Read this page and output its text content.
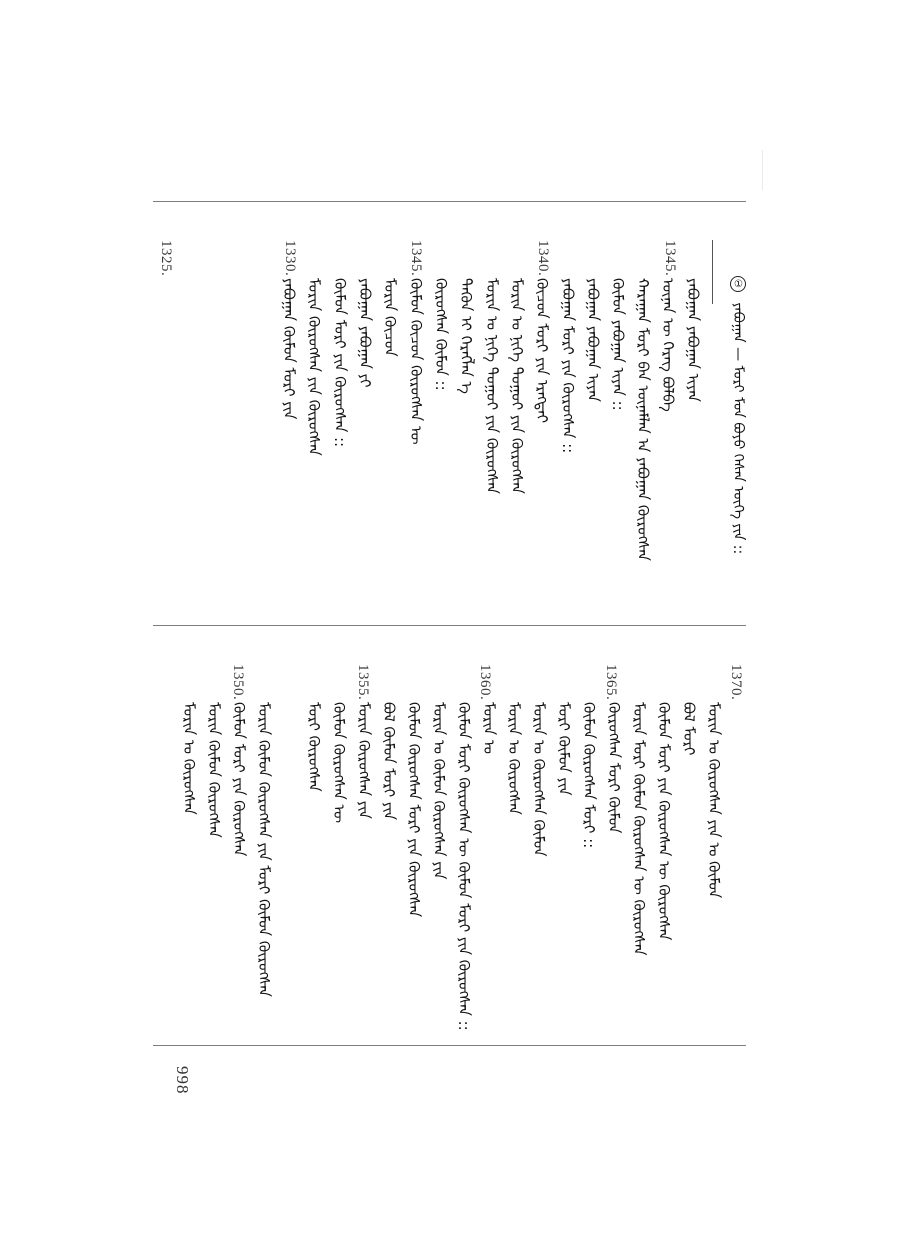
① ᠶᠠᠪᠤᠭᠠᠨ — ᠮᠣᠷᠢ ᠮᠣᠨ ᠪᠤᠶᠤ ᠭᠡᠰᠡᠨ ᠦᠭᠡ ᠶᠢᠨ ::
1345.
1340.
1345.
1330.
1325.
ᠶᠠᠪᠤᠭᠠᠨ ᠶᠠᠪᠤᠭᠠᠨ ᠢᠶᠠᠨ
ᠦᠨᠡᠨ ᠦ ᠬᠡᠷᠡᠭ ᠪᠣᠯᠪᠠ
ᠬᠠᠷᠠᠭᠠᠨ ᠮᠣᠷᠢ ᠪᠡᠨ ᠦᠨᠡᠮᠯᠡᠨ ᠠ ᠶᠠᠪᠤᠭᠠᠨ ᠬᠦᠷᠦᠭᠰᠡᠨ
ᠬᠦᠮᠦᠨ ᠶᠠᠪᠤᠭᠠᠨ ᠢᠶᠠᠨ ::
ᠶᠠᠪᠤᠭᠠᠨ ᠶᠠᠪᠤᠭᠠᠨ ᠢᠶᠠᠨ
ᠶᠠᠪᠤᠭᠠᠨ ᠮᠣᠷᠢ ᠶᠢᠨ ᠬᠦᠷᠦᠭᠰᠡᠨ ::
ᠬᠦᠴᠦᠨ ᠮᠣᠷᠢ ᠶᠢᠨ ᠡᠷᠡᠭᠲᠡᠢ
ᠮᠣᠷᠢᠨ ᠤ ᠨᠢᠭᠡ ᠳᠤᠭᠤᠢ ᠶᠢᠨ ᠬᠦᠷᠦᠭᠰᠡᠨ
ᠮᠣᠷᠢᠨ ᠤ ᠨᠢᠭᠡ ᠳᠤᠭᠤᠢ ᠶᠢᠨ ᠬᠦᠷᠦᠭᠰᠡᠨ
ᠲᠡᠭᠦᠨ ᠢ ᠬᠡᠷᠡᠭᠯᠡᠨ ᠡ
ᠬᠦᠷᠦᠭᠰᠡᠨ ᠬᠦᠮᠦᠨ ::
ᠬᠦᠮᠦᠨ ᠬᠦᠴᠦᠨ ᠬᠦᠷᠦᠭᠰᠡᠨ ᠦ
ᠮᠣᠷᠢᠨ ᠬᠦᠴᠦᠨ
ᠶᠠᠪᠤᠭᠠᠨ ᠶᠠᠪᠤᠭᠠᠨ ᠶᠢ
ᠬᠦᠮᠦᠨ ᠮᠣᠷᠢ ᠶᠢᠨ ᠬᠦᠷᠦᠭᠰᠡᠨ ::
ᠮᠣᠷᠢᠨ ᠬᠦᠷᠦᠭᠰᠡᠨ ᠶᠢᠨ ᠬᠦᠷᠦᠭᠰᠡᠨ
ᠶᠠᠪᠤᠭᠠᠨ ᠬᠦᠮᠦᠨ ᠮᠣᠷᠢ ᠶᠢᠨ
1370.
1365.
1360.
1355.
1350.
ᠮᠣᠷᠢᠨ ᠤ ᠬᠦᠷᠦᠭᠰᠡᠨ ᠶᠢᠨ ᠤ ᠬᠦᠮᠦᠨ
ᠪᠣᠯ ᠮᠣᠷᠢ
ᠬᠦᠮᠦᠨ ᠮᠣᠷᠢ ᠶᠢᠨ ᠬᠦᠷᠦᠭᠰᠡᠨ ᠦ ᠬᠦᠷᠦᠭᠰᠡᠨ
ᠮᠣᠷᠢᠨ ᠮᠣᠷᠢ ᠬᠦᠮᠦᠨ ᠬᠦᠷᠦᠭᠰᠡᠨ ᠦ ᠬᠦᠷᠦᠭᠰᠡᠨ
ᠬᠦᠷᠦᠭᠰᠡᠨ ᠮᠣᠷᠢ ᠬᠦᠮᠦᠨ
ᠬᠦᠮᠦᠨ ᠬᠦᠷᠦᠭᠰᠡᠨ ᠮᠣᠷᠢ ::
ᠮᠣᠷᠢ ᠬᠦᠮᠦᠨ ᠶᠢᠨ
ᠮᠣᠷᠢᠨ ᠤ ᠬᠦᠷᠦᠭᠰᠡᠨ ᠬᠦᠮᠦᠨ
ᠮᠣᠷᠢᠨ ᠤ ᠬᠦᠷᠦᠭᠰᠡᠨ
ᠮᠣᠷᠢᠨ ᠤ
ᠬᠦᠮᠦᠨ ᠮᠣᠷᠢ ᠬᠦᠷᠦᠭᠰᠡᠨ ᠦ ᠬᠦᠮᠦᠨ ᠮᠣᠷᠢ ᠶᠢᠨ ᠬᠦᠷᠦᠭᠰᠡᠨ ::
ᠮᠣᠷᠢᠨ ᠤ ᠬᠦᠮᠦᠨ ᠬᠦᠷᠦᠭᠰᠡᠨ ᠶᠢᠨ
ᠬᠦᠮᠦᠨ ᠬᠦᠷᠦᠭᠰᠡᠨ ᠮᠣᠷᠢ ᠶᠢᠨ ᠬᠦᠷᠦᠭᠰᠡᠨ
ᠪᠣᠯ ᠬᠦᠮᠦᠨ ᠮᠣᠷᠢ ᠶᠢᠨ
ᠮᠣᠷᠢᠨ ᠬᠦᠷᠦᠭᠰᠡᠨ ᠶᠢᠨ
ᠬᠦᠮᠦᠨ ᠬᠦᠷᠦᠭᠰᠡᠨ ᠦ
ᠮᠣᠷᠢ ᠬᠦᠷᠦᠭᠰᠡᠨ
ᠮᠣᠷᠢᠨ ᠬᠦᠮᠦᠨ ᠬᠦᠷᠦᠭᠰᠡᠨ ᠶᠢᠨ ᠮᠣᠷᠢ ᠬᠦᠮᠦᠨ ᠬᠦᠷᠦᠭᠰᠡᠨ
ᠬᠦᠮᠦᠨ ᠮᠣᠷᠢ ᠶᠢᠨ ᠬᠦᠷᠦᠭᠰᠡᠨ
ᠮᠣᠷᠢᠨ ᠬᠦᠮᠦᠨ ᠬᠦᠷᠦᠭᠰᠡᠨ
ᠮᠣᠷᠢᠨ ᠤ ᠬᠦᠷᠦᠭᠰᠡᠨ
998
